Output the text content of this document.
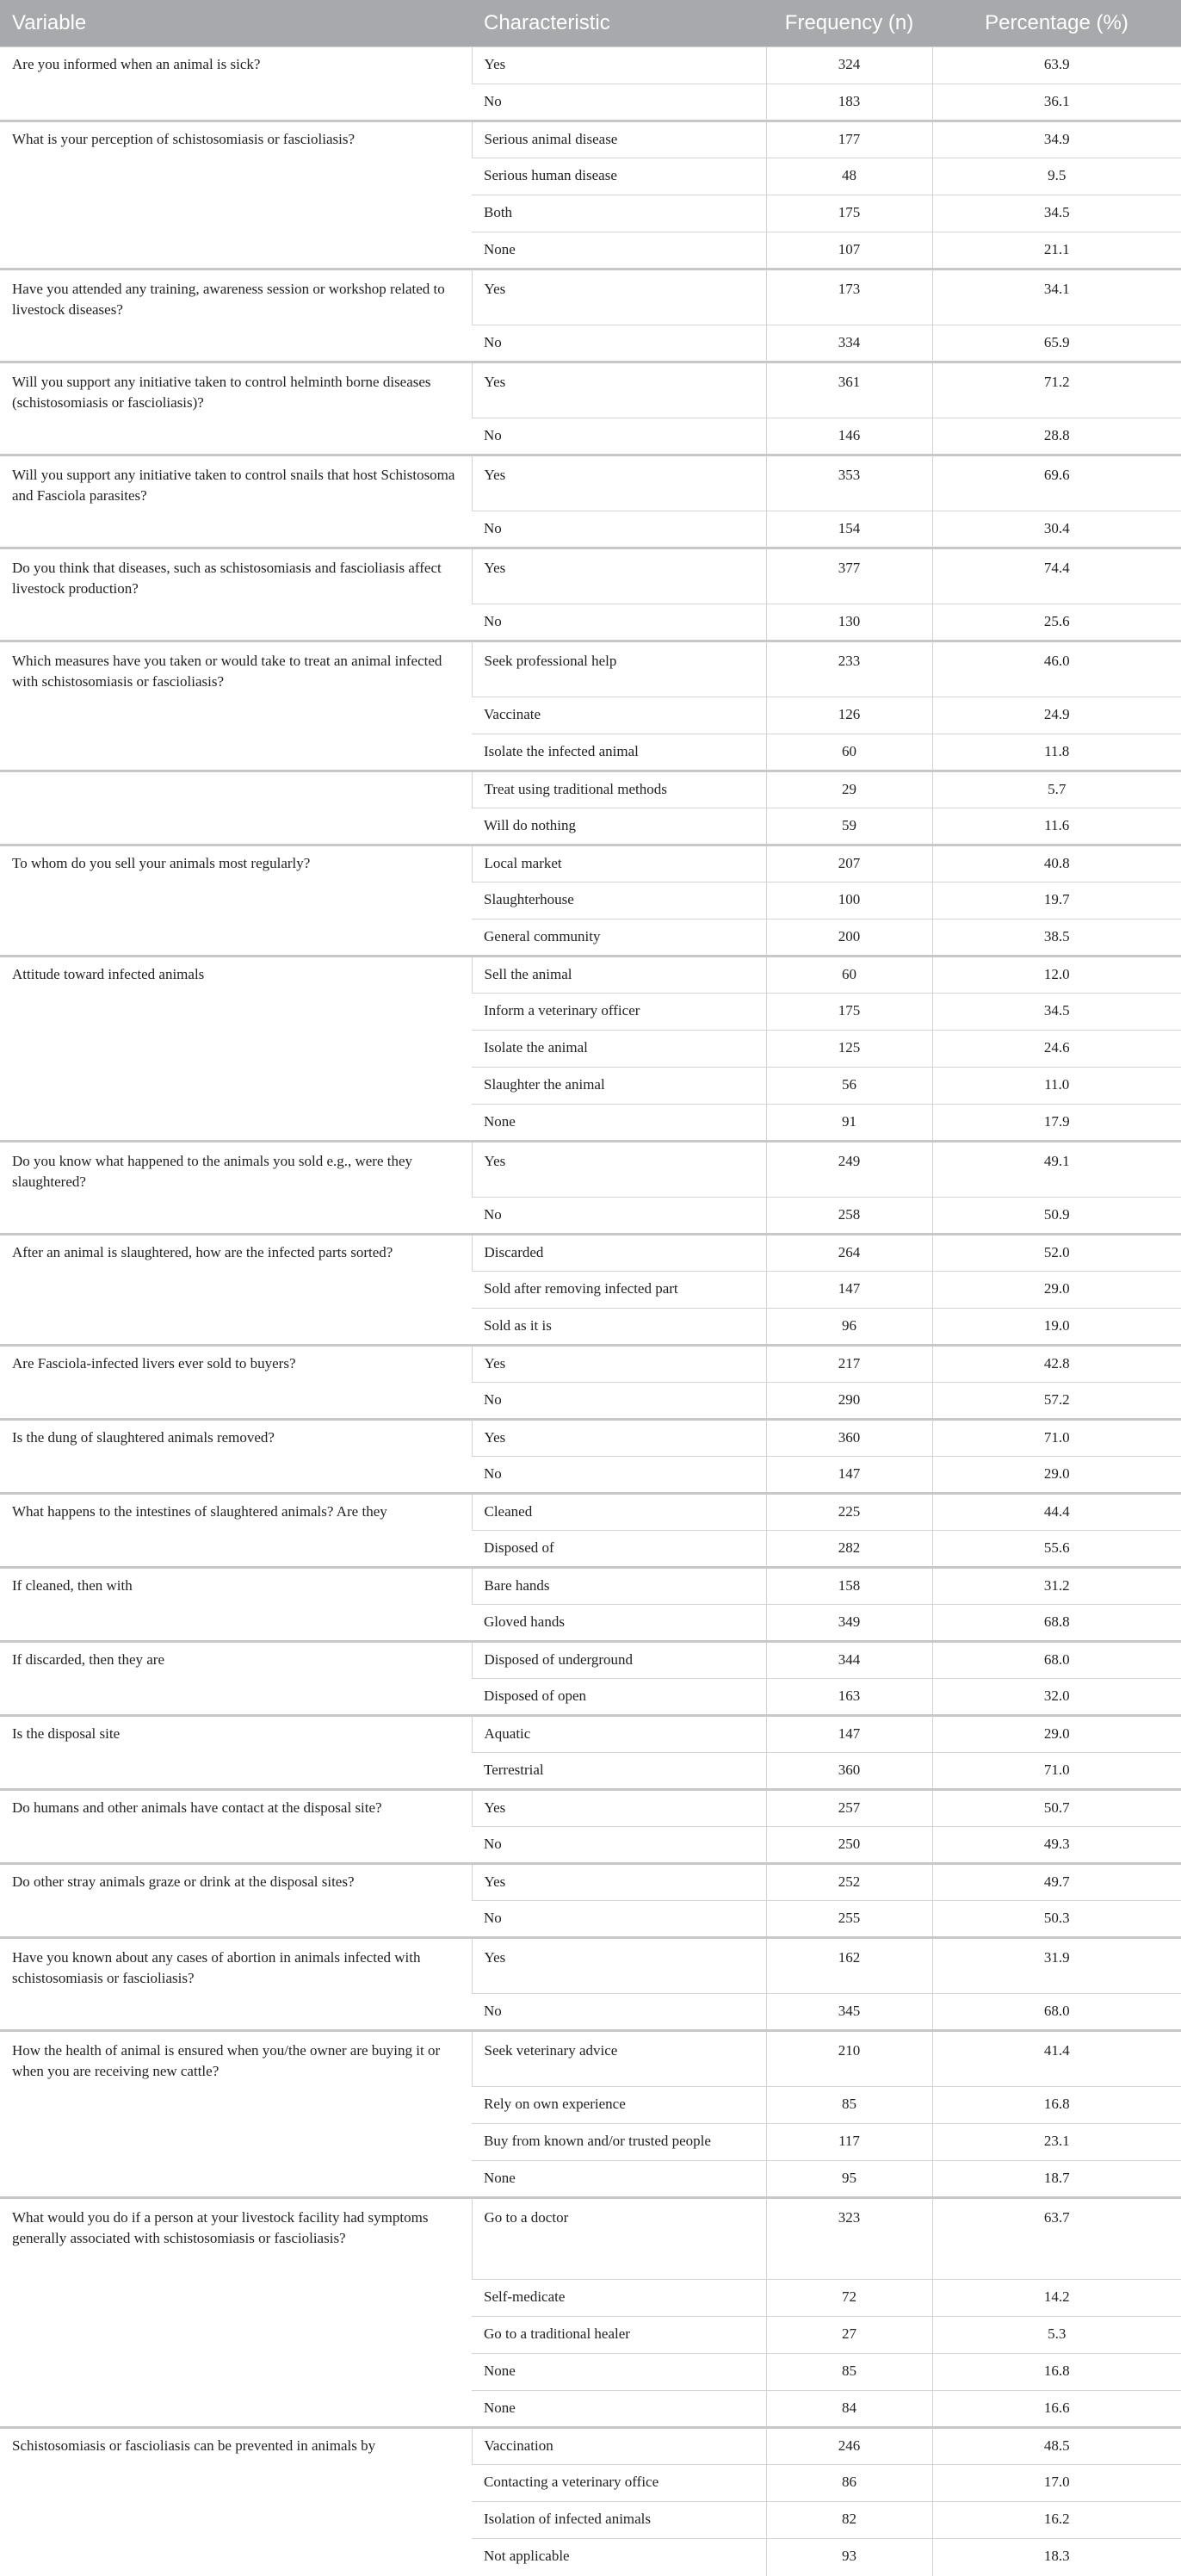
Variable	Characteristic	Frequency (n)	Percentage (%)
Are you informed when an animal is sick?	Yes	324	63.9
	No	183	36.1
What is your perception of schistosomiasis or fascioliasis?	Serious animal disease	177	34.9
	Serious human disease	48	9.5
	Both	175	34.5
	None	107	21.1
Have you attended any training, awareness session or workshop related to livestock diseases?	Yes	173	34.1
	No	334	65.9
Will you support any initiative taken to control helminth borne diseases (schistosomiasis or fascioliasis)?	Yes	361	71.2
	No	146	28.8
Will you support any initiative taken to control snails that host Schistosoma and Fasciola parasites?	Yes	353	69.6
	No	154	30.4
Do you think that diseases, such as schistosomiasis and fascioliasis affect livestock production?	Yes	377	74.4
	No	130	25.6
Which measures have you taken or would take to treat an animal infected with schistosomiasis or fascioliasis?	Seek professional help	233	46.0
	Vaccinate	126	24.9
	Isolate the infected animal	60	11.8
	Treat using traditional methods	29	5.7
	Will do nothing	59	11.6
To whom do you sell your animals most regularly?	Local market	207	40.8
	Slaughterhouse	100	19.7
	General community	200	38.5
Attitude toward infected animals	Sell the animal	60	12.0
	Inform a veterinary officer	175	34.5
	Isolate the animal	125	24.6
	Slaughter the animal	56	11.0
	None	91	17.9
Do you know what happened to the animals you sold e.g., were they slaughtered?	Yes	249	49.1
	No	258	50.9
After an animal is slaughtered, how are the infected parts sorted?	Discarded	264	52.0
	Sold after removing infected part	147	29.0
	Sold as it is	96	19.0
Are Fasciola-infected livers ever sold to buyers?	Yes	217	42.8
	No	290	57.2
Is the dung of slaughtered animals removed?	Yes	360	71.0
	No	147	29.0
What happens to the intestines of slaughtered animals? Are they	Cleaned	225	44.4
	Disposed of	282	55.6
If cleaned, then with	Bare hands	158	31.2
	Gloved hands	349	68.8
If discarded, then they are	Disposed of underground	344	68.0
	Disposed of open	163	32.0
Is the disposal site	Aquatic	147	29.0
	Terrestrial	360	71.0
Do humans and other animals have contact at the disposal site?	Yes	257	50.7
	No	250	49.3
Do other stray animals graze or drink at the disposal sites?	Yes	252	49.7
	No	255	50.3
Have you known about any cases of abortion in animals infected with schistosomiasis or fascioliasis?	Yes	162	31.9
	No	345	68.0
How the health of animal is ensured when you/the owner are buying it or when you are receiving new cattle?	Seek veterinary advice	210	41.4
	Rely on own experience	85	16.8
	Buy from known and/or trusted people	117	23.1
	None	95	18.7
What would you do if a person at your livestock facility had symptoms generally associated with schistosomiasis or fascioliasis?	Go to a doctor	323	63.7
	Self-medicate	72	14.2
	Go to a traditional healer	27	5.3
	None	85	16.8
	None	84	16.6
Schistosomiasis or fascioliasis can be prevented in animals by	Vaccination	246	48.5
	Contacting a veterinary office	86	17.0
	Isolation of infected animals	82	16.2
	Not applicable	93	18.3
